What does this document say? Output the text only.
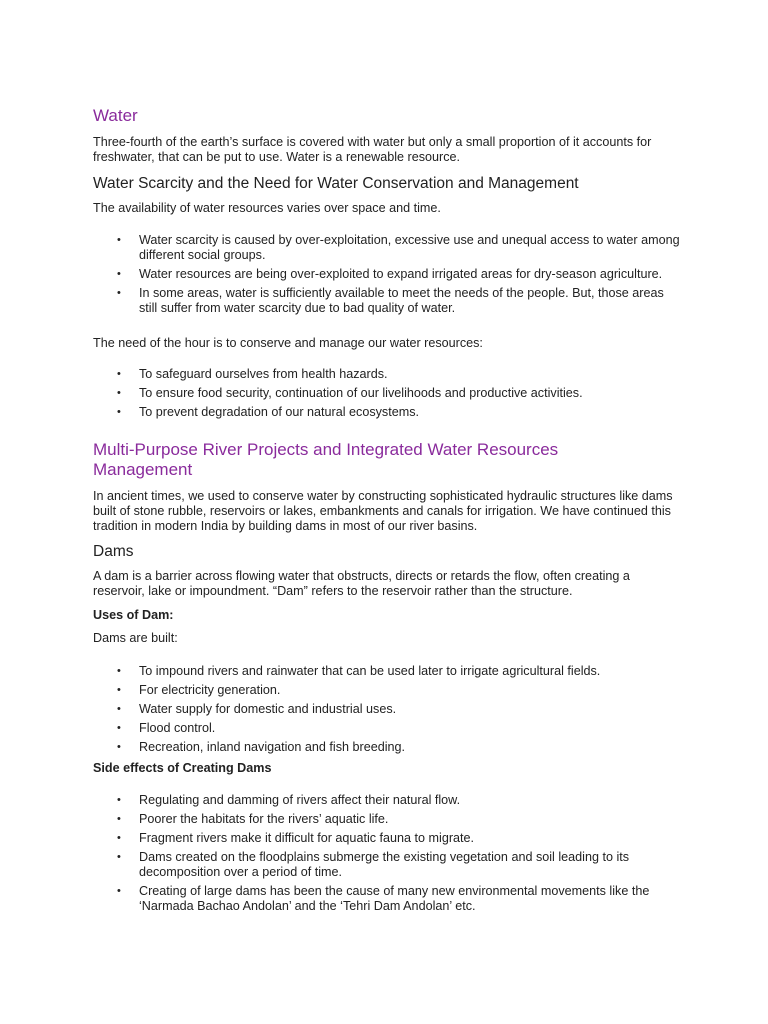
Water

Three-fourth of the earth’s surface is covered with water but only a small proportion of it accounts for freshwater, that can be put to use. Water is a renewable resource.

Water Scarcity and the Need for Water Conservation and Management

The availability of water resources varies over space and time.

• Water scarcity is caused by over-exploitation, excessive use and unequal access to water among different social groups.
• Water resources are being over-exploited to expand irrigated areas for dry-season agriculture.
• In some areas, water is sufficiently available to meet the needs of the people. But, those areas still suffer from water scarcity due to bad quality of water.

The need of the hour is to conserve and manage our water resources:

• To safeguard ourselves from health hazards.
• To ensure food security, continuation of our livelihoods and productive activities.
• To prevent degradation of our natural ecosystems.
Multi-Purpose River Projects and Integrated Water Resources Management

In ancient times, we used to conserve water by constructing sophisticated hydraulic structures like dams built of stone rubble, reservoirs or lakes, embankments and canals for irrigation. We have continued this tradition in modern India by building dams in most of our river basins.

Dams

A dam is a barrier across flowing water that obstructs, directs or retards the flow, often creating a reservoir, lake or impoundment. “Dam” refers to the reservoir rather than the structure.

Uses of Dam:

Dams are built:

• To impound rivers and rainwater that can be used later to irrigate agricultural fields.
• For electricity generation.
• Water supply for domestic and industrial uses.
• Flood control.
• Recreation, inland navigation and fish breeding.

Side effects of Creating Dams

• Regulating and damming of rivers affect their natural flow.
• Poorer the habitats for the rivers’ aquatic life.
• Fragment rivers make it difficult for aquatic fauna to migrate.
• Dams created on the floodplains submerge the existing vegetation and soil leading to its decomposition over a period of time.
• Creating of large dams has been the cause of many new environmental movements like the ‘Narmada Bachao Andolan’ and the ‘Tehri Dam Andolan’ etc.
